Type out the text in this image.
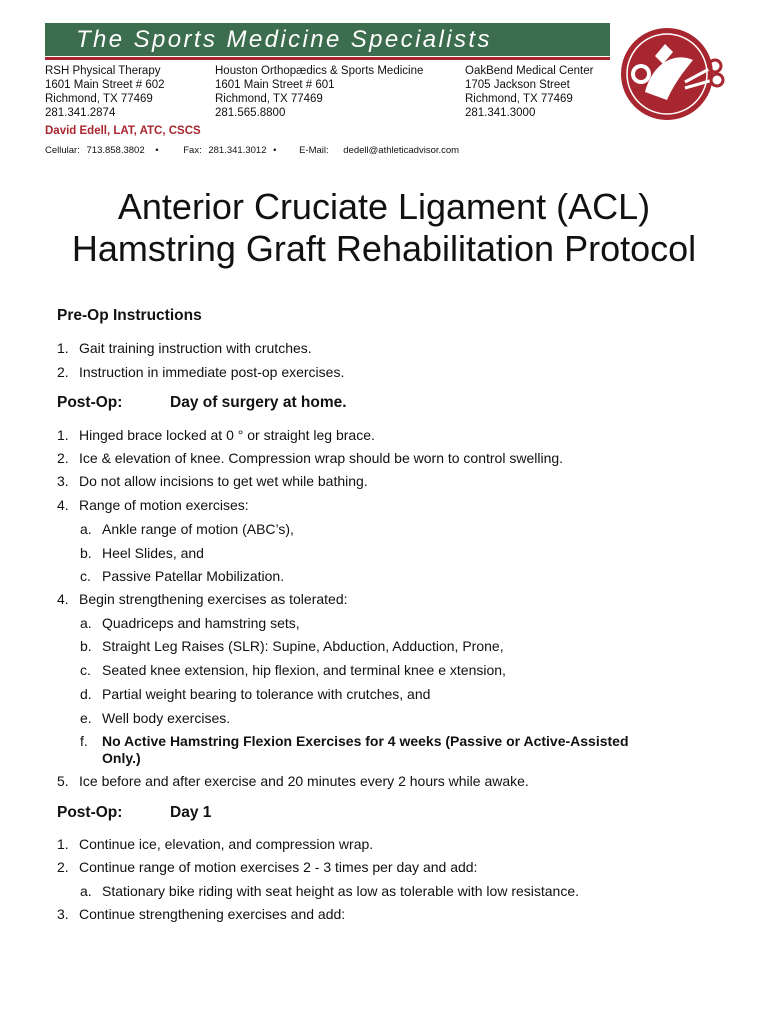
The Sports Medicine Specialists
RSH Physical Therapy
1601 Main Street # 602
Richmond, TX 77469
281.341.2874
Houston Orthopædics & Sports Medicine
1601 Main Street # 601
Richmond, TX 77469
281.565.8800
OakBend Medical Center
1705 Jackson Street
Richmond, TX 77469
281.341.3000
David Edell, LAT, ATC, CSCS
Cellular: 713.858.3802 •	Fax: 281.341.3012 • E-Mail: dedell@athleticadvisor.com
Anterior Cruciate Ligament (ACL)
Hamstring Graft Rehabilitation Protocol
Pre-Op Instructions
1. Gait training instruction with crutches.
2. Instruction in immediate post-op exercises.
Post-Op:	Day of surgery at home.
1. Hinged brace locked at 0 ° or straight leg brace.
2. Ice & elevation of knee. Compression wrap should be worn to control swelling.
3. Do not allow incisions to get wet while bathing.
4. Range of motion exercises:
a. Ankle range of motion (ABC’s),
b. Heel Slides, and
c. Passive Patellar Mobilization.
4. Begin strengthening exercises as tolerated:
a. Quadriceps and hamstring sets,
b. Straight Leg Raises (SLR): Supine, Abduction, Adduction, Prone,
c. Seated knee extension, hip flexion, and terminal knee e xtension,
d. Partial weight bearing to tolerance with crutches, and
e. Well body exercises.
f. No Active Hamstring Flexion Exercises for 4 weeks (Passive or Active-Assisted
Only.)
5. Ice before and after exercise and 20 minutes every 2 hours while awake.
Post-Op:	Day 1
1. Continue ice, elevation, and compression wrap.
2. Continue range of motion exercises 2 - 3 times per day and add:
a. Stationary bike riding with seat height as low as tolerable with low resistance.
3. Continue strengthening exercises and add:
